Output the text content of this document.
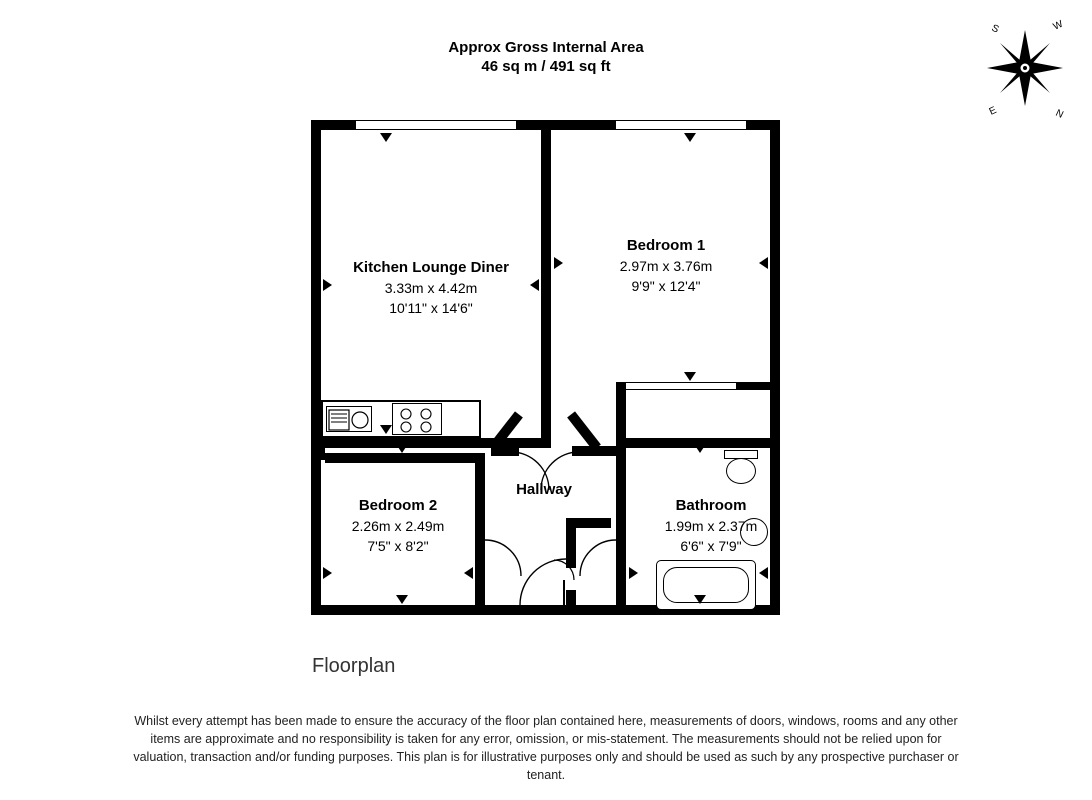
Approx Gross Internal Area
46 sq m / 491 sq ft
E	N
S	W
Kitchen Lounge Diner
3.33m x 4.42m
10'11" x 14'6"
Bedroom 1
2.97m x 3.76m
9'9" x 12'4"
Bedroom 2
2.26m x 2.49m
7'5" x 8'2"
Bathroom
1.99m x 2.37m
6'6" x 7'9"
Hallway
Floorplan

Whilst every attempt has been made to ensure the accuracy of the floor plan contained here, measurements of doors, windows, rooms and any other items are approximate and no responsibility is taken for any error, omission, or mis-statement. The measurements should not be relied upon for valuation, transaction and/or funding purposes. This plan is for illustrative purposes only and should be used as such by any prospective purchaser or tenant.
